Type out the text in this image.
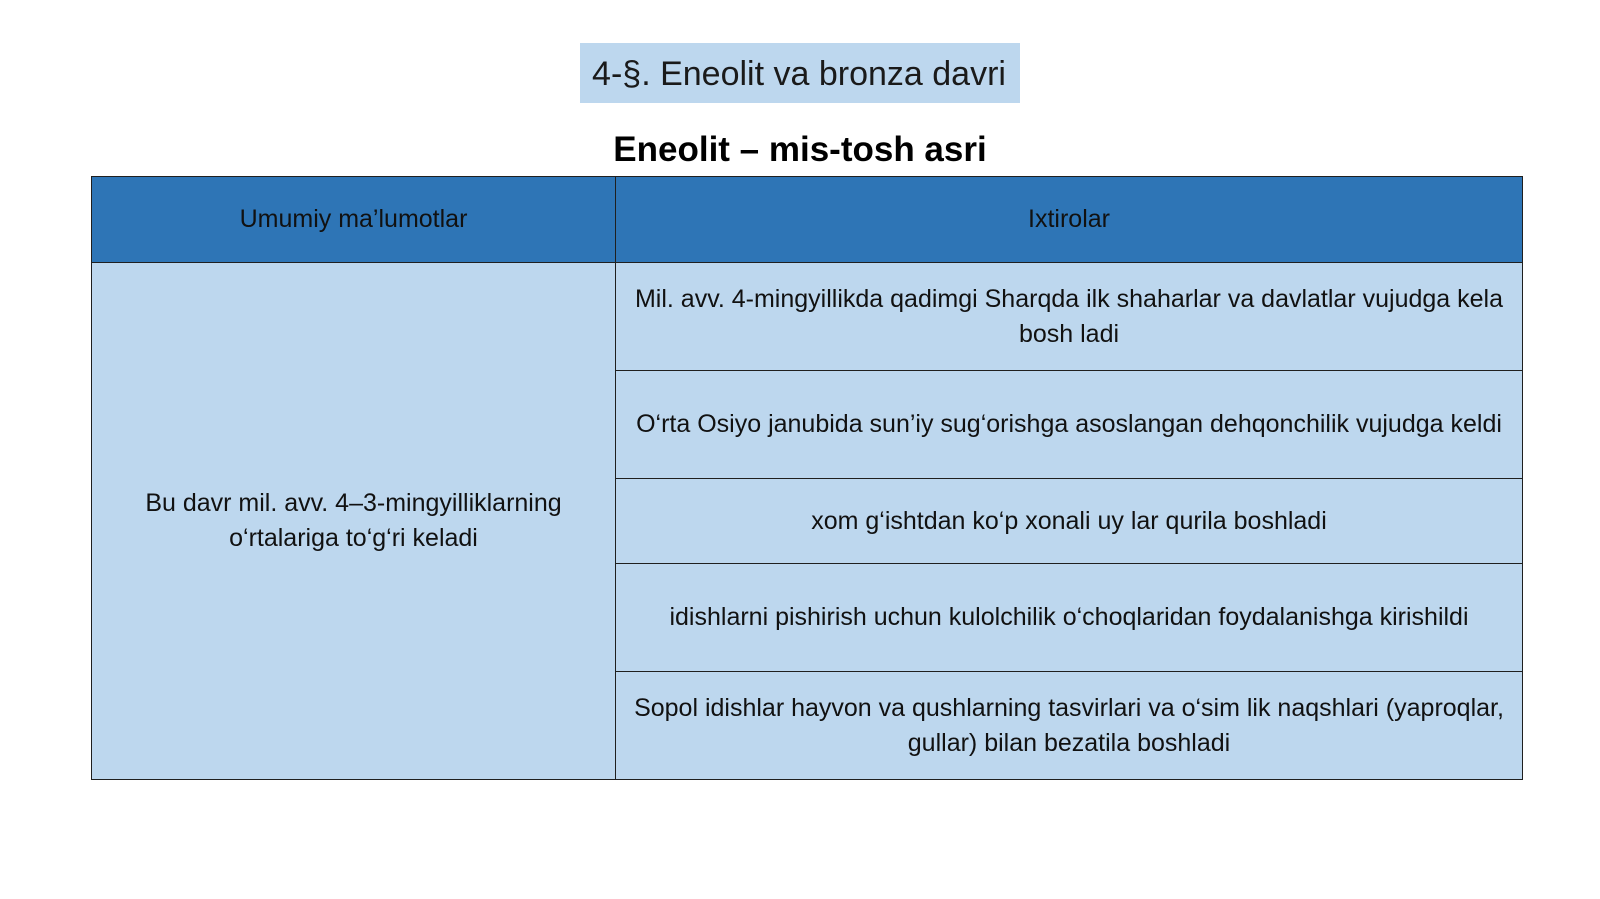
4-§. Eneolit va bronza davri
Eneolit – mis-tosh asri
Umumiy ma’lumotlar	Ixtirolar
Bu davr mil. avv. 4–3-mingyilliklarning o‘rtalariga to‘g‘ri keladi	Mil. avv. 4-mingyillikda qadimgi Sharqda ilk shaharlar va davlatlar vujudga kela bosh ladi
	O‘rta Osiyo janubida sun’iy sug‘orishga asoslangan dehqonchilik vujudga keldi
	xom g‘ishtdan ko‘p xonali uy lar qurila boshladi
	idishlarni pishirish uchun kulolchilik o‘choqlaridan foydalanishga kirishildi
	Sopol idishlar hayvon va qushlarning tasvirlari va o‘sim lik naqshlari (yaproqlar, gullar) bilan bezatila boshladi
